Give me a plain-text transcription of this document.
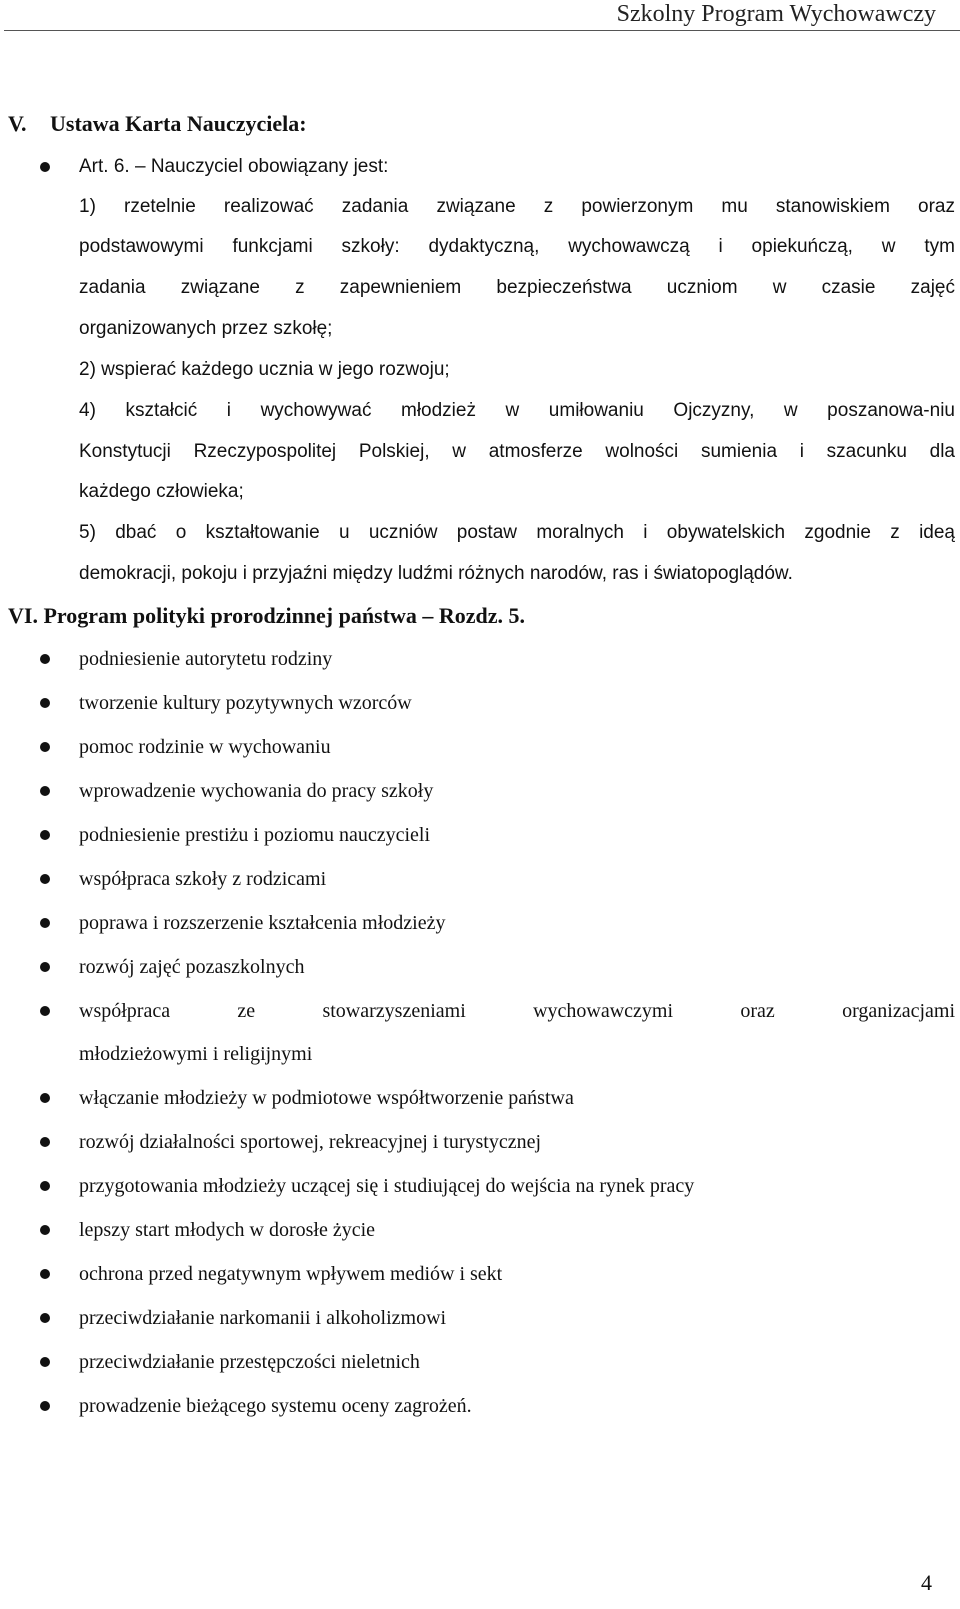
Szkolny Program Wychowawczy
V. Ustawa Karta Nauczyciela:
Art. 6. – Nauczyciel obowiązany jest:
1) rzetelnie realizować zadania związane z powierzonym mu stanowiskiem oraz
podstawowymi funkcjami szkoły: dydaktyczną, wychowawczą i opiekuńczą, w tym
zadania związane z zapewnieniem bezpieczeństwa uczniom w czasie zajęć
organizowanych przez szkołę;
2) wspierać każdego ucznia w jego rozwoju;
4) kształcić i wychowywać młodzież w umiłowaniu Ojczyzny, w poszanowa-niu
Konstytucji Rzeczypospolitej Polskiej, w atmosferze wolności sumienia i szacunku dla
każdego człowieka;
5) dbać o kształtowanie u uczniów postaw moralnych i obywatelskich zgodnie z ideą
demokracji, pokoju i przyjaźni między ludźmi różnych narodów, ras i światopoglądów.
VI. Program polityki prorodzinnej państwa – Rozdz. 5.
podniesienie autorytetu rodziny
tworzenie kultury pozytywnych wzorców
pomoc rodzinie w wychowaniu
wprowadzenie wychowania do pracy szkoły
podniesienie prestiżu i poziomu nauczycieli
współpraca szkoły z rodzicami
poprawa i rozszerzenie kształcenia młodzieży
rozwój zajęć pozaszkolnych
współpraca ze stowarzyszeniami wychowawczymi oraz organizacjami
młodzieżowymi i religijnymi
włączanie młodzieży w podmiotowe współtworzenie państwa
rozwój działalności sportowej, rekreacyjnej i turystycznej
przygotowania młodzieży uczącej się i studiującej do wejścia na rynek pracy
lepszy start młodych w dorosłe życie
ochrona przed negatywnym wpływem mediów i sekt
przeciwdziałanie narkomanii i alkoholizmowi
przeciwdziałanie przestępczości nieletnich
prowadzenie bieżącego systemu oceny zagrożeń.
4
